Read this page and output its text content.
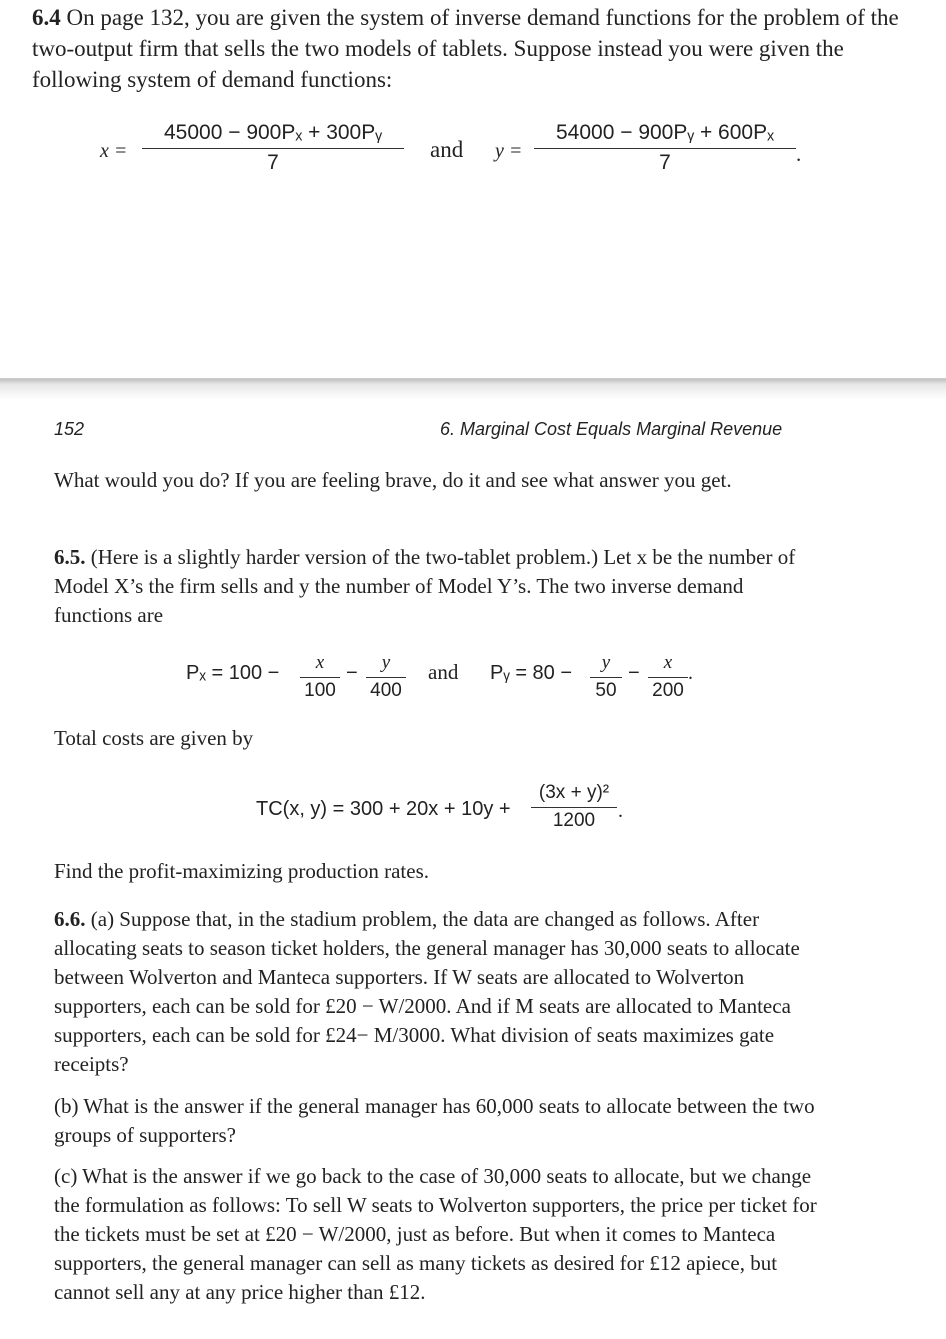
6.4 On page 132, you are given the system of inverse demand functions for the problem of the two-output firm that sells the two models of tablets. Suppose instead you were given the following system of demand functions:
$x = \frac{\text{45000 − 900Pₓ + 300Pᵧ}}{7}$ and $y = \frac{\text{54000 − 900Pᵧ + 600Pₓ}}{7}$ .
152	6. Marginal Cost Equals Marginal Revenue
What would you do? If you are feeling brave, do it and see what answer you get.
6.5. (Here is a slightly harder version of the two-tablet problem.) Let x be the number of Model X’s the firm sells and y the number of Model Y’s. The two inverse demand functions are
$P_x = 100 - \frac{x}{100} - \frac{y}{400}$ and Pᵧ = $80 - \frac{y}{50} - \frac{x}{200}$ .
Total costs are given by
TC(x, $y) = 300 + 20x + 10y + \frac{\text{(3x + y)²}}{1200}$ .
Find the profit-maximizing production rates.
6.6. (a) Suppose that, in the stadium problem, the data are changed as follows. After allocating seats to season ticket holders, the general manager has 30,000 seats to allocate between Wolverton and Manteca supporters. If W seats are allocated to Wolverton supporters, each can be sold for £20 − W/2000. And if M seats are allocated to Manteca supporters, each can be sold for £24− M/3000. What division of seats maximizes gate receipts?
(b) What is the answer if the general manager has 60,000 seats to allocate between the two groups of supporters?
(c) What is the answer if we go back to the case of 30,000 seats to allocate, but we change the formulation as follows: To sell W seats to Wolverton supporters, the price per ticket for the tickets must be set at £20 − W/2000, just as before. But when it comes to Manteca supporters, the general manager can sell as many tickets as desired for £12 apiece, but cannot sell any at any price higher than £12.
